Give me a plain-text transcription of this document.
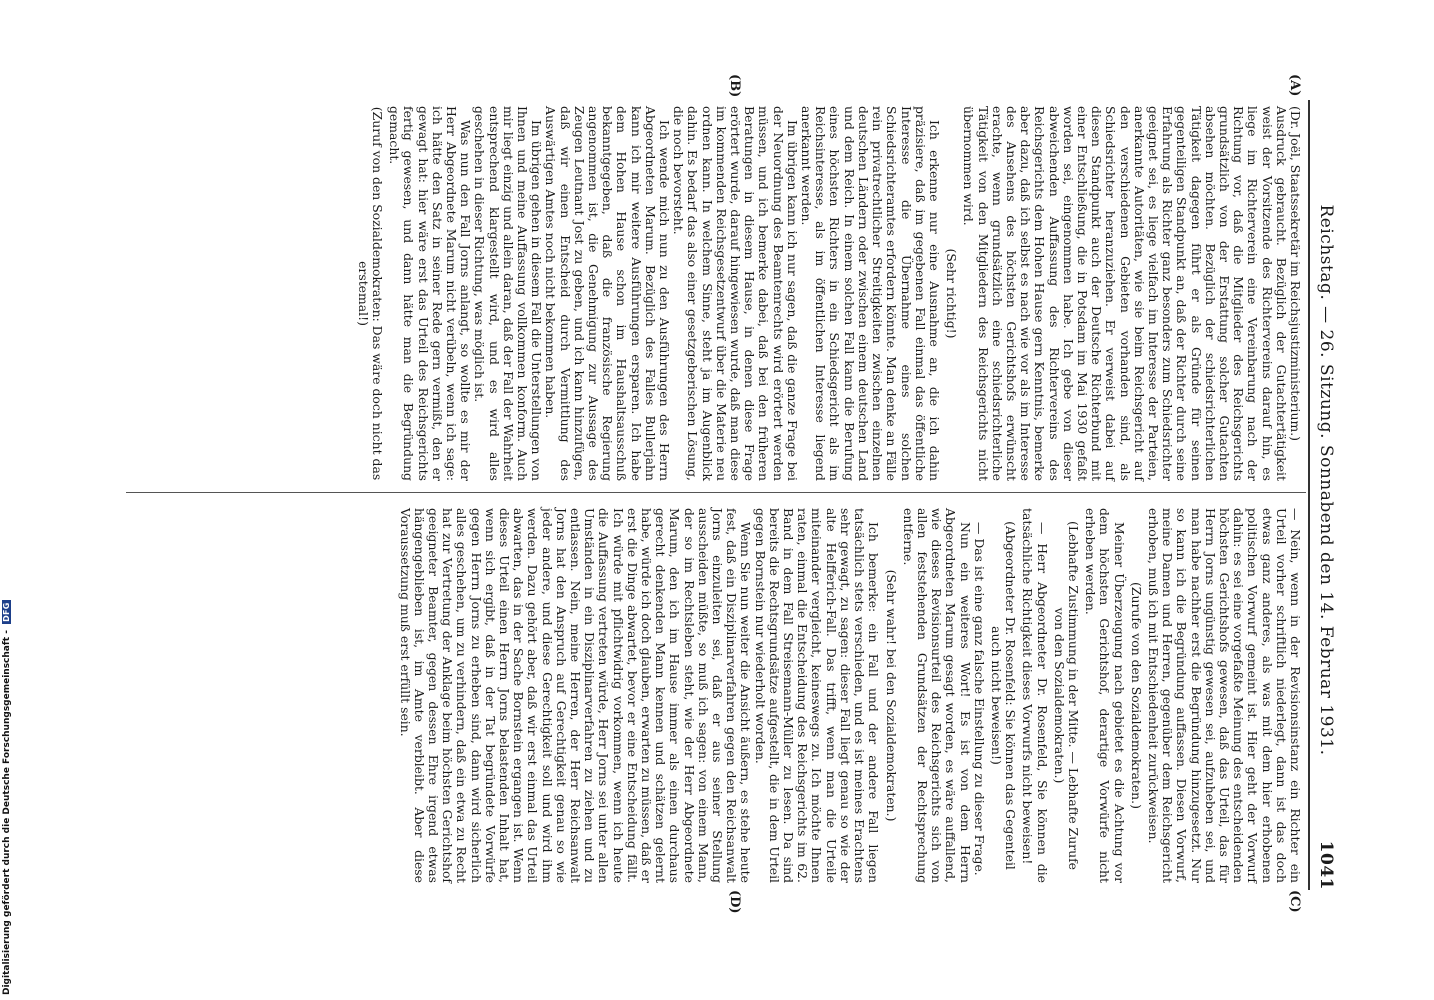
Reichstag. — 26. Sitzung. Sonnabend den 14. Februar 1931.
1041
(A)
(B)
(C)
(D)

(Dr. Joël, Staatssekretär im Reichsjustizministerium.)

Ausdruck gebraucht. Bezüglich der Gutachtertätigkeit weist der Vorsitzende des Richtervereins darauf hin, es liege im Richterverein eine Vereinbarung nach der Richtung vor, daß die Mitglieder des Reichsgerichts grundsätzlich von der Erstattung solcher Gutachten absehen möchten. Bezüglich der schiedsrichterlichen Tätigkeit dagegen führt er als Gründe für seinen gegenteiligen Standpunkt an, daß der Richter durch seine Erfahrung als Richter ganz besonders zum Schiedsrichter geeignet sei, es liege vielfach im Interesse der Parteien, anerkannte Autoritäten, wie sie beim Reichsgericht auf den verschiedenen Gebieten vorhanden sind, als Schiedsrichter heranzuziehen. Er verweist dabei auf diesen Standpunkt auch der Deutsche Richterbund mit einer Entschließung, die in Potsdam im Mai 1930 gefaßt worden sei, eingenommen habe. Ich gebe von dieser abweichenden Auffassung des Richtervereins des Reichsgerichts dem Hohen Hause gern Kenntnis, bemerke aber dazu, daß ich selbst es nach wie vor als im Interesse des Ansehens des höchsten Gerichtshofs erwünscht erachte, wenn grundsätzlich eine schiedsrichterliche Tätigkeit von den Mitgliedern des Reichsgerichts nicht übernommen wird.

(Sehr richtig!)

Ich erkenne nur eine Ausnahme an, die ich dahin präzisiere, daß im gegebenen Fall einmal das öffentliche Interesse die Übernahme eines solchen Schiedsrichteramtes erfordern könnte. Man denke an Fälle rein privatrechtlicher Streitigkeiten zwischen einzelnen deutschen Ländern oder zwischen einem deutschen Land und dem Reich. In einem solchen Fall kann die Berufung eines höchsten Richters in ein Schiedsgericht als im Reichsinteresse, als im öffentlichen Interesse liegend anerkannt werden.

Im übrigen kann ich nur sagen, daß die ganze Frage bei der Neuordnung des Beamtenrechts wird erörtert werden müssen, und ich bemerke dabei, daß bei den früheren Beratungen in diesem Hause, in denen diese Frage erörtert wurde, darauf hingewiesen wurde, daß man diese im kommenden Reichsgesetzentwurf über die Materie neu ordnen kann. In welchem Sinne, steht ja im Augenblick dahin. Es bedarf das also einer gesetzgeberischen Lösung, die noch bevorsteht.

Ich wende mich nun zu den Ausführungen des Herrn Abgeordneten Marum. Bezüglich des Falles Bullerjahn kann ich mir weitere Ausführungen ersparen. Ich habe dem Hohen Hause schon im Haushaltsausschuß bekanntgegeben, daß die französische Regierung angenommen ist, die Genehmigung zur Aussage des Zeugen Leutnant Jost zu geben, und ich kann hinzufügen, daß wir einen Entscheid durch Vermittlung des Auswärtigen Amtes noch nicht bekommen haben.

Im übrigen gehen in diesem Fall die Unterstellungen von Ihnen und meine Auffassung vollkommen konform. Auch mir liegt einzig und allein daran, daß der Fall der Wahrheit entsprechend klargestellt wird, und es wird alles geschehen in dieser Richtung, was möglich ist.

Was nun den Fall Jorns anlangt, so wollte es mir der Herr Abgeordnete Marum nicht verübeln, wenn ich sage: ich hätte den Satz in seiner Rede gern vermißt, den er gewagt hat: hier wäre erst das Urteil des Reichsgerichts fertig gewesen, und dann hätte man die Begründung gemacht.

(Zuruf von den Sozialdemokraten: Das wäre doch nicht das erstemal!)

— Nein, wenn in der Revisionsinstanz ein Richter ein Urteil vorher schriftlich niederlegt, dann ist das doch etwas ganz anderes, als was mit dem hier erhobenen politischen Vorwurf gemeint ist. Hier geht der Vorwurf dahin: es sei eine vorgefaßte Meinung des entscheidenden höchsten Gerichtshofs gewesen, daß das Urteil, das für Herrn Jorns ungünstig gewesen sei, aufzuheben sei, und man habe nachher erst die Begründung hinzugesetzt. Nur so kann ich die Begründung auffassen. Diesen Vorwurf, meine Damen und Herren, gegenüber dem Reichsgericht erhoben, muß ich mit Entschiedenheit zurückweisen.

(Zurufe von den Sozialdemokraten.)

Meiner Überzeugung nach gebietet es die Achtung vor dem höchsten Gerichtshof, derartige Vorwürfe nicht erheben werden.

(Lebhafte Zustimmung in der Mitte. — Lebhafte Zurufe von den Sozialdemokraten.)

— Herr Abgeordneter Dr. Rosenfeld, Sie können die tatsächliche Richtigkeit dieses Vorwurfs nicht beweisen!

(Abgeordneter Dr. Rosenfeld: Sie können das Gegenteil auch nicht beweisen!)

— Das ist eine ganz falsche Einstellung zu dieser Frage.

Nun ein weiteres Wort! Es ist von dem Herrn Abgeordneten Marum gesagt worden, es wäre auffallend, wie dieses Revisionsurteil des Reichsgerichts sich von allen feststehenden Grundsätzen der Rechtsprechung entferne.

(Sehr wahr! bei den Sozialdemokraten.)

Ich bemerke: ein Fall und der andere Fall liegen tatsächlich stets verschieden, und es ist meines Erachtens sehr gewagt, zu sagen: dieser Fall liegt genau so wie der alte Helfferich-Fall. Das trifft, wenn man die Urteile miteinander vergleicht, keineswegs zu. Ich möchte Ihnen raten, einmal die Entscheidung des Reichsgerichts im 62. Band in dem Fall Streisemann-Müller zu lesen. Da sind bereits die Rechtsgrundsätze aufgestellt, die in dem Urteil gegen Bornstein nur wiederholt worden.

Wenn Sie nun weiter die Ansicht äußern, es stehe heute fest, daß ein Disziplinarverfahren gegen den Reichsanwalt Jorns einzuleiten sei, daß er aus seiner Stellung ausscheiden müßte, so muß ich sagen: von einem Mann, der so im Rechtsleben steht, wie der Herr Abgeordnete Marum, den ich im Hause immer als einen durchaus gerecht denkenden Mann kennen und schätzen gelernt habe, würde ich doch glauben, erwarten zu müssen, daß er erst die Dinge abwartet, bevor er eine Entscheidung fällt. Ich würde mit pflichtwidrig vorkommen, wenn ich heute die Auffassung vertreten würde, Herr Jorns sei unter allen Umständen in ein Disziplinarverfahren zu ziehen und zu entlassen. Nein, meine Herren, der Herr Reichsanwalt Jorns hat den Anspruch auf Gerechtigkeit genau so wie jeder andere, und diese Gerechtigkeit soll und wird ihm werden. Dazu gehört aber, daß wir erst einmal das Urteil abwarten, das in der Sache Bornstein ergangen ist. Wenn dieses Urteil einen Herrn Jorns belastenden Inhalt hat, wenn sich ergibt, daß in der Tat begründete Vorwürfe gegen Herrn Jorns zu erheben sind, dann wird sicherlich alles geschehen, um zu verhindern, daß ein etwa zu Recht hat zur Vertretung der Anklage beim höchsten Gerichtshof geeigneter Beamter, gegen dessen Ehre irgend etwas hängengeblieben ist, im Amte verbleibt. Aber diese Voraussetzung muß erst erfüllt sein.

Digitalisierung gefördert durch die Deutsche Forschungsgemeinschaft - DFG
